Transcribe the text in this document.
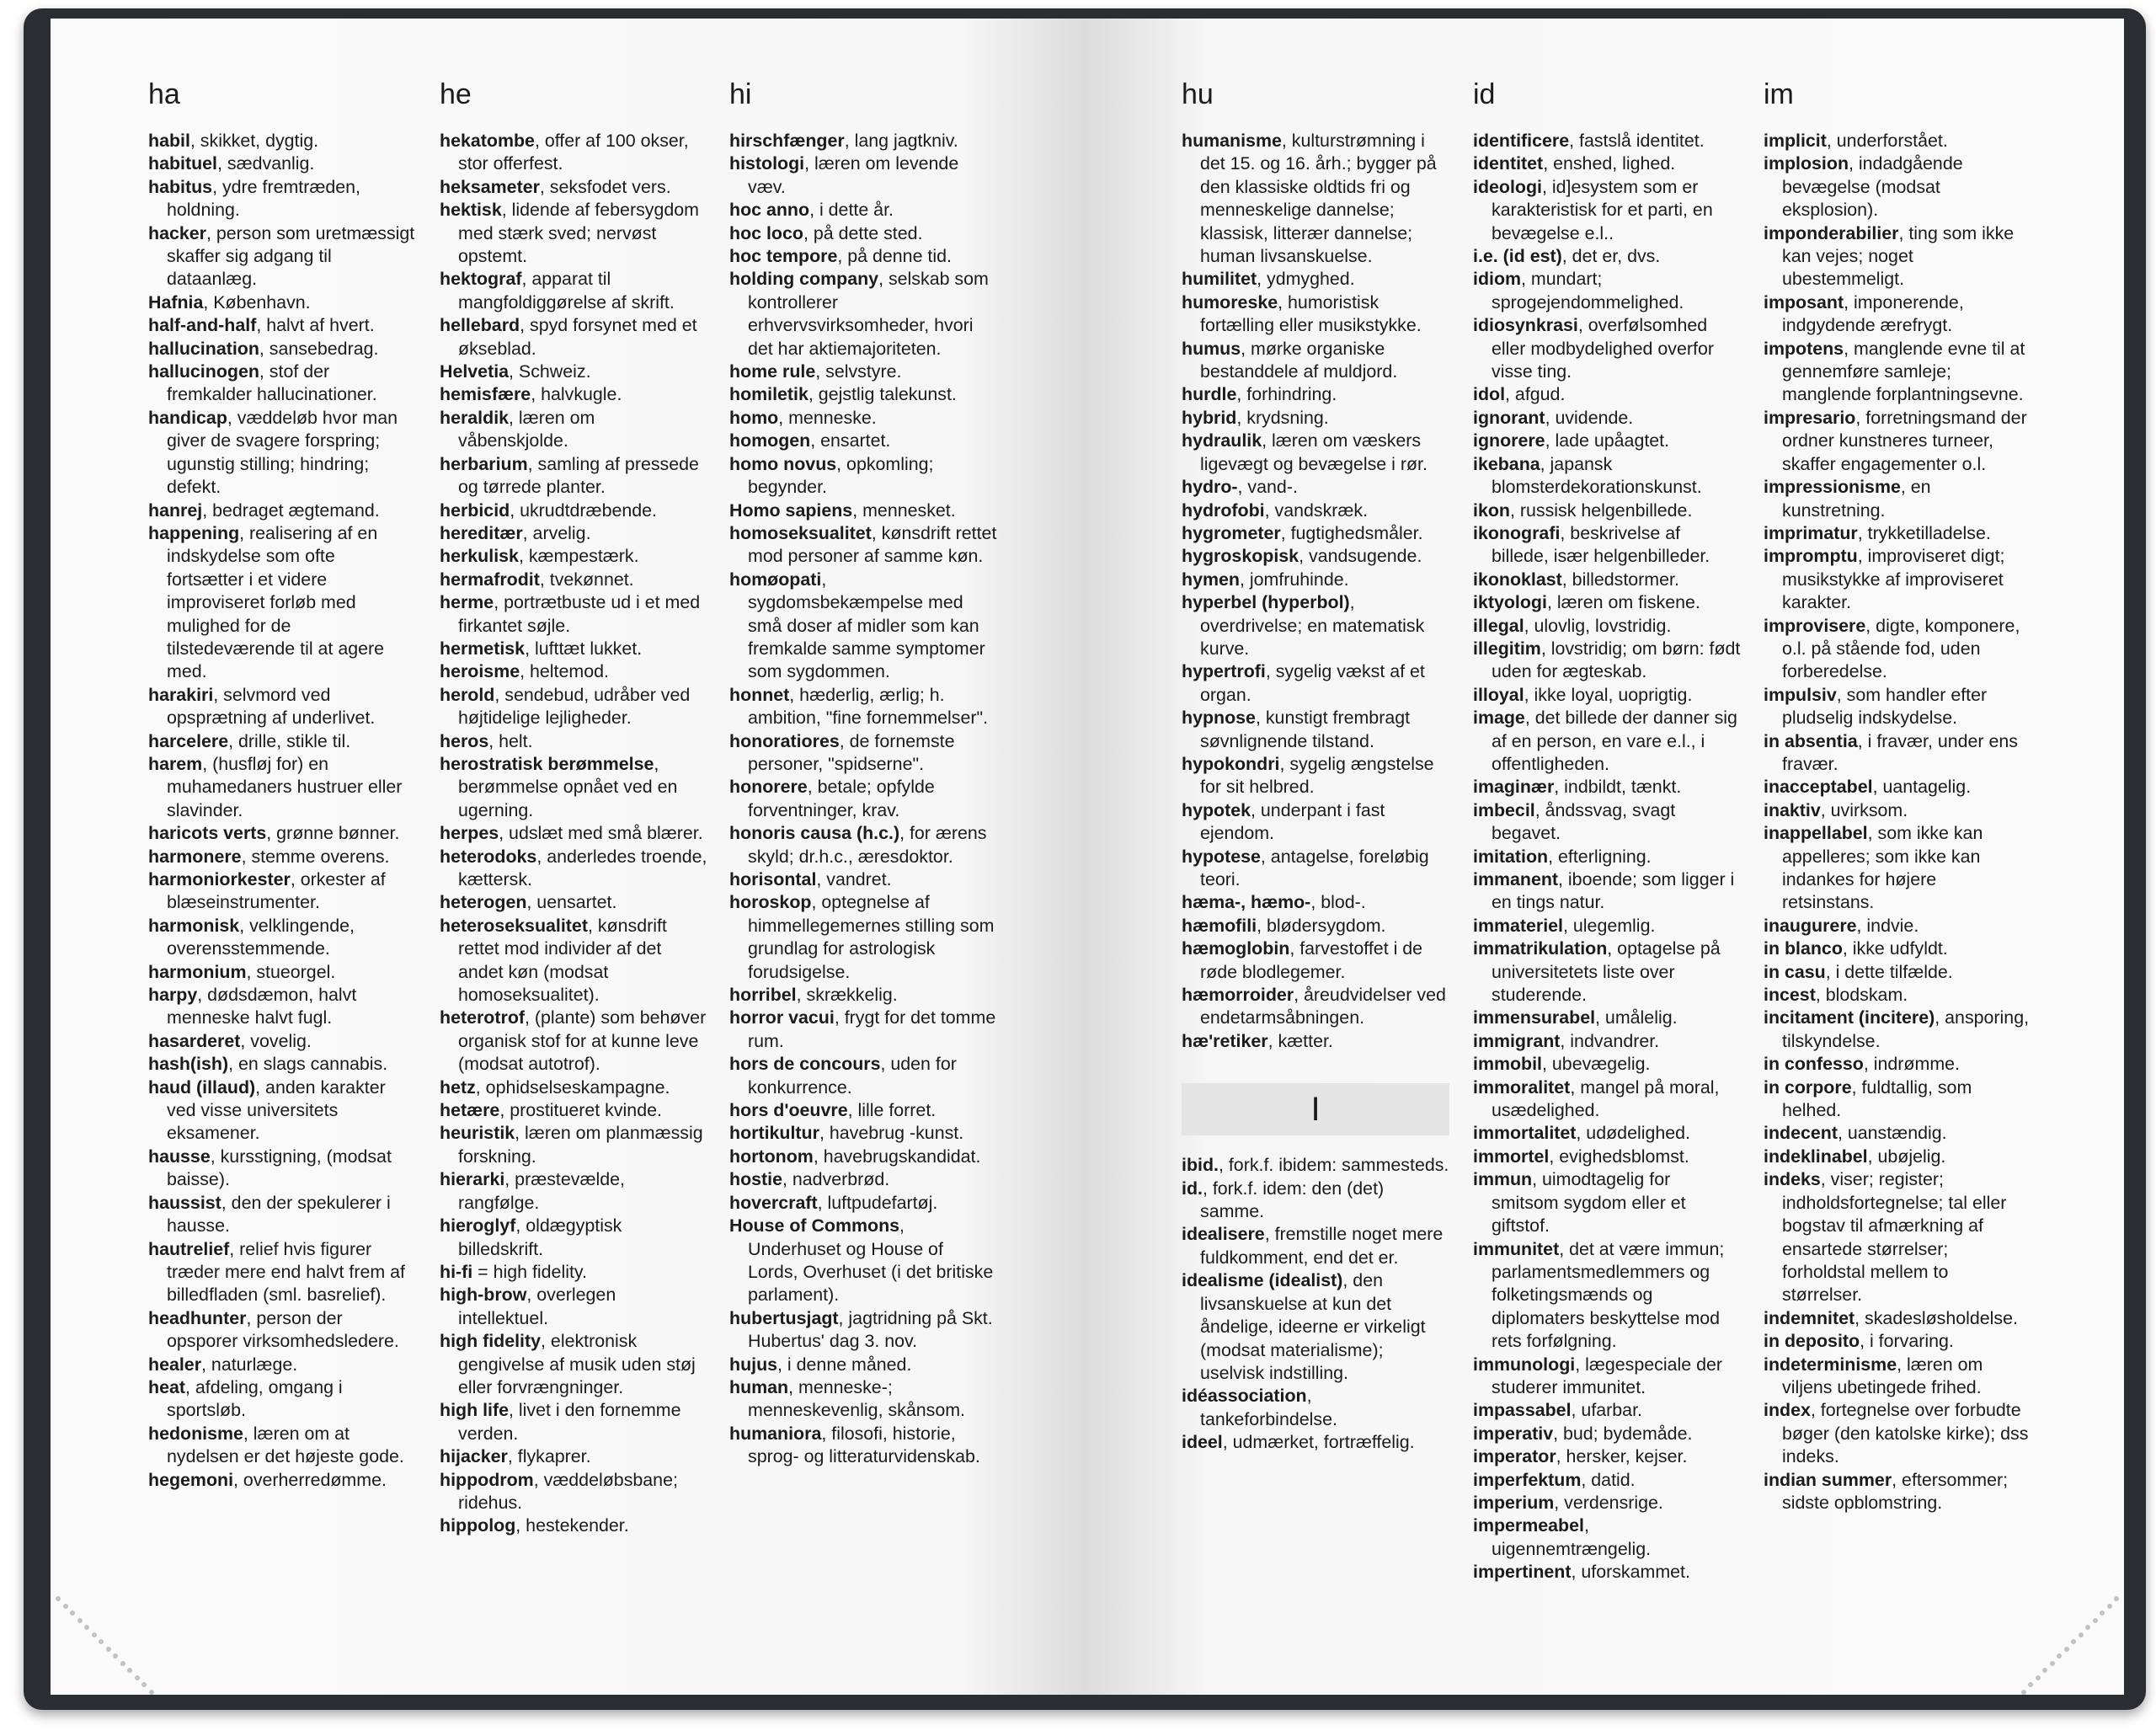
ha
habil, skikket, dygtig.
habituel, sædvanlig.
habitus, ydre fremtræden, holdning.
hacker, person som uretmæssigt skaffer sig adgang til dataanlæg.
Hafnia, København.
half-and-half, halvt af hvert.
hallucination, sansebedrag.
hallucinogen, stof der fremkalder hallucinationer.
handicap, væddeløb hvor man giver de svagere forspring; ugunstig stilling; hindring; defekt.
hanrej, bedraget ægtemand.
happening, realisering af en indskydelse som ofte fortsætter i et videre improviseret forløb med mulighed for de tilstedeværende til at agere med.
harakiri, selvmord ved opsprætning af underlivet.
harcelere, drille, stikle til.
harem, (husfløj for) en muhamedaners hustruer eller slavinder.
haricots verts, grønne bønner.
harmonere, stemme overens.
harmoniorkester, orkester af blæseinstrumenter.
harmonisk, velklingende, overensstemmende.
harmonium, stueorgel.
harpy, dødsdæmon, halvt menneske halvt fugl.
hasarderet, vovelig.
hash(ish), en slags cannabis.
haud (illaud), anden karakter ved visse universitets eksamener.
hausse, kursstigning, (modsat baisse).
haussist, den der spekulerer i hausse.
hautrelief, relief hvis figurer træder mere end halvt frem af billedfladen (sml. basrelief).
headhunter, person der opsporer virksomhedsledere.
healer, naturlæge.
heat, afdeling, omgang i sportsløb.
hedonisme, læren om at nydelsen er det højeste gode.
hegemoni, overherredømme.
he
hekatombe, offer af 100 okser, stor offerfest.
heksameter, seksfodet vers.
hektisk, lidende af febersygdom med stærk sved; nervøst opstemt.
hektograf, apparat til mangfoldiggørelse af skrift.
hellebard, spyd forsynet med et økseblad.
Helvetia, Schweiz.
hemisfære, halvkugle.
heraldik, læren om våbenskjolde.
herbarium, samling af pressede og tørrede planter.
herbicid, ukrudtdræbende.
hereditær, arvelig.
herkulisk, kæmpestærk.
hermafrodit, tvekønnet.
herme, portrætbuste ud i et med firkantet søjle.
hermetisk, lufttæt lukket.
heroisme, heltemod.
herold, sendebud, udråber ved højtidelige lejligheder.
heros, helt.
herostratisk berømmelse, berømmelse opnået ved en ugerning.
herpes, udslæt med små blærer.
heterodoks, anderledes troende, kættersk.
heterogen, uensartet.
heteroseksualitet, kønsdrift rettet mod individer af det andet køn (modsat homoseksualitet).
heterotrof, (plante) som behøver organisk stof for at kunne leve (modsat autotrof).
hetz, ophidselseskampagne.
hetære, prostitueret kvinde.
heuristik, læren om planmæssig forskning.
hierarki, præstevælde, rangfølge.
hieroglyf, oldægyptisk billedskrift.
hi-fi = high fidelity.
high-brow, overlegen intellektuel.
high fidelity, elektronisk gengivelse af musik uden støj eller forvrængninger.
high life, livet i den fornemme verden.
hijacker, flykaprer.
hippodrom, væddeløbsbane; ridehus.
hippolog, hestekender.
hi
hirschfænger, lang jagtkniv.
histologi, læren om levende væv.
hoc anno, i dette år.
hoc loco, på dette sted.
hoc tempore, på denne tid.
holding company, selskab som kontrollerer erhvervsvirksomheder, hvori det har aktiemajoriteten.
home rule, selvstyre.
homiletik, gejstlig talekunst.
homo, menneske.
homogen, ensartet.
homo novus, opkomling; begynder.
Homo sapiens, mennesket.
homoseksualitet, kønsdrift rettet mod personer af samme køn.
homøopati, sygdomsbekæmpelse med små doser af midler som kan fremkalde samme symptomer som sygdommen.
honnet, hæderlig, ærlig; h. ambition, "fine fornemmelser".
honoratiores, de fornemste personer, "spidserne".
honorere, betale; opfylde forventninger, krav.
honoris causa (h.c.), for ærens skyld; dr.h.c., æresdoktor.
horisontal, vandret.
horoskop, optegnelse af himmellegemernes stilling som grundlag for astrologisk forudsigelse.
horribel, skrækkelig.
horror vacui, frygt for det tomme rum.
hors de concours, uden for konkurrence.
hors d'oeuvre, lille forret.
hortikultur, havebrug -kunst.
hortonom, havebrugskandidat.
hostie, nadverbrød.
hovercraft, luftpudefartøj.
House of Commons, Underhuset og House of Lords, Overhuset (i det britiske parlament).
hubertusjagt, jagtridning på Skt. Hubertus' dag 3. nov.
hujus, i denne måned.
human, menneske-; menneskevenlig, skånsom.
humaniora, filosofi, historie, sprog- og litteraturvidenskab.
hu
humanisme, kulturstrømning i det 15. og 16. årh.; bygger på den klassiske oldtids fri og menneskelige dannelse; klassisk, litterær dannelse; human livsanskuelse.
humilitet, ydmyghed.
humoreske, humoristisk fortælling eller musikstykke.
humus, mørke organiske bestanddele af muldjord.
hurdle, forhindring.
hybrid, krydsning.
hydraulik, læren om væskers ligevægt og bevægelse i rør.
hydro-, vand-.
hydrofobi, vandskræk.
hygrometer, fugtighedsmåler.
hygroskopisk, vandsugende.
hymen, jomfruhinde.
hyperbel (hyperbol), overdrivelse; en matematisk kurve.
hypertrofi, sygelig vækst af et organ.
hypnose, kunstigt frembragt søvnlignende tilstand.
hypokondri, sygelig ængstelse for sit helbred.
hypotek, underpant i fast ejendom.
hypotese, antagelse, foreløbig teori.
hæma-, hæmo-, blod-.
hæmofili, blødersygdom.
hæmoglobin, farvestoffet i de røde blodlegemer.
hæmorroider, åreudvidelser ved endetarmsåbningen.
hæ'retiker, kætter.
I
ibid., fork.f. ibidem: sammesteds.
id., fork.f. idem: den (det) samme.
idealisere, fremstille noget mere fuldkomment, end det er.
idealisme (idealist), den livsanskuelse at kun det åndelige, ideerne er virkeligt (modsat materialisme); uselvisk indstilling.
idéassociation, tankeforbindelse.
ideel, udmærket, fortræffelig.
id
identificere, fastslå identitet.
identitet, enshed, lighed.
ideologi, id]esystem som er karakteristisk for et parti, en bevægelse e.l..
i.e. (id est), det er, dvs.
idiom, mundart; sprogejendommelighed.
idiosynkrasi, overfølsomhed eller modbydelighed overfor visse ting.
idol, afgud.
ignorant, uvidende.
ignorere, lade upåagtet.
ikebana, japansk blomsterdekorationskunst.
ikon, russisk helgenbillede.
ikonografi, beskrivelse af billede, især helgenbilleder.
ikonoklast, billedstormer.
iktyologi, læren om fiskene.
illegal, ulovlig, lovstridig.
illegitim, lovstridig; om børn: født uden for ægteskab.
illoyal, ikke loyal, uoprigtig.
image, det billede der danner sig af en person, en vare e.l., i offentligheden.
imaginær, indbildt, tænkt.
imbecil, åndssvag, svagt begavet.
imitation, efterligning.
immanent, iboende; som ligger i en tings natur.
immateriel, ulegemlig.
immatrikulation, optagelse på universitetets liste over studerende.
immensurabel, umålelig.
immigrant, indvandrer.
immobil, ubevægelig.
immoralitet, mangel på moral, usædelighed.
immortalitet, udødelighed.
immortel, evighedsblomst.
immun, uimodtagelig for smitsom sygdom eller et giftstof.
immunitet, det at være immun; parlamentsmedlemmers og folketingsmænds og diplomaters beskyttelse mod rets forfølgning.
immunologi, lægespeciale der studerer immunitet.
impassabel, ufarbar.
imperativ, bud; bydemåde.
imperator, hersker, kejser.
imperfektum, datid.
imperium, verdensrige.
impermeabel, uigennemtrængelig.
impertinent, uforskammet.
im
implicit, underforstået.
implosion, indadgående bevægelse (modsat eksplosion).
imponderabilier, ting som ikke kan vejes; noget ubestemmeligt.
imposant, imponerende, indgydende ærefrygt.
impotens, manglende evne til at gennemføre samleje; manglende forplantningsevne.
impresario, forretningsmand der ordner kunstneres turneer, skaffer engagementer o.l.
impressionisme, en kunstretning.
imprimatur, trykketilladelse.
impromptu, improviseret digt; musikstykke af improviseret karakter.
improvisere, digte, komponere, o.l. på stående fod, uden forberedelse.
impulsiv, som handler efter pludselig indskydelse.
in absentia, i fravær, under ens fravær.
inacceptabel, uantagelig.
inaktiv, uvirksom.
inappellabel, som ikke kan appelleres; som ikke kan indankes for højere retsinstans.
inaugurere, indvie.
in blanco, ikke udfyldt.
in casu, i dette tilfælde.
incest, blodskam.
incitament (incitere), ansporing, tilskyndelse.
in confesso, indrømme.
in corpore, fuldtallig, som helhed.
indecent, uanstændig.
indeklinabel, ubøjelig.
indeks, viser; register; indholdsfortegnelse; tal eller bogstav til afmærkning af ensartede størrelser; forholdstal mellem to størrelser.
indemnitet, skadesløsholdelse.
in deposito, i forvaring.
indeterminisme, læren om viljens ubetingede frihed.
index, fortegnelse over forbudte bøger (den katolske kirke); dss indeks.
indian summer, eftersommer; sidste opblomstring.
